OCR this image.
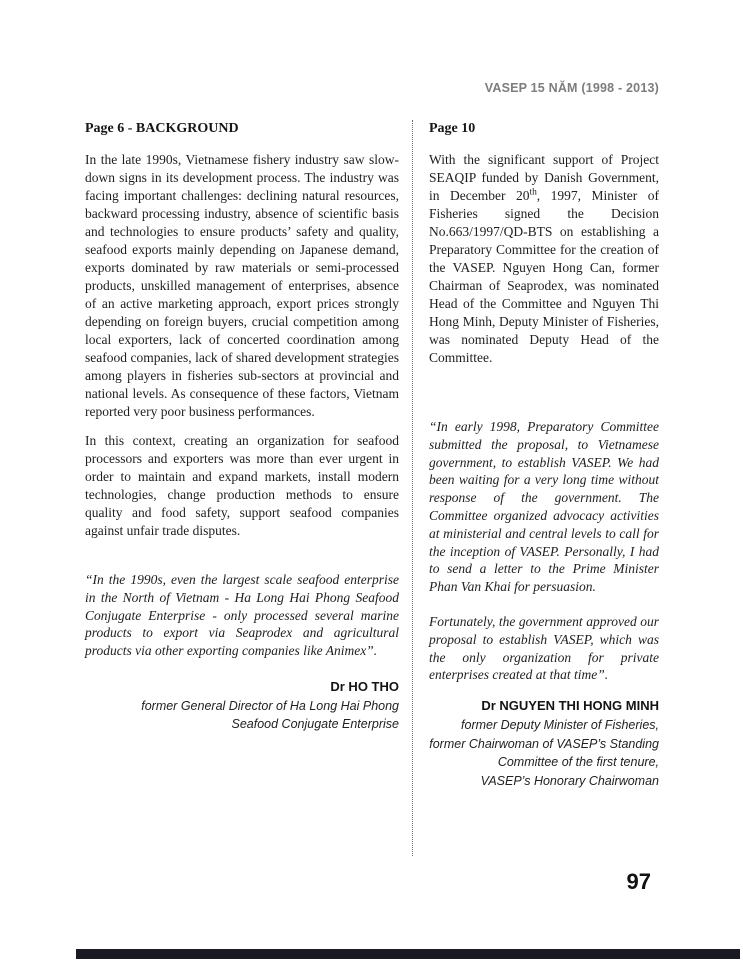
VASEP 15 NĂM (1998 - 2013)
Page 6 - BACKGROUND

In the late 1990s, Vietnamese fishery industry saw slow-down signs in its development process. The industry was facing important challenges: declining natural resources, backward processing industry, absence of scientific basis and technologies to ensure products’ safety and quality, seafood exports mainly depending on Japanese demand, exports dominated by raw materials or semi-processed products, unskilled management of enterprises, absence of an active marketing approach, export prices strongly depending on foreign buyers, crucial competition among local exporters, lack of concerted coordination among seafood companies, lack of shared development strategies among players in fisheries sub-sectors at provincial and national levels. As consequence of these factors, Vietnam reported very poor business performances.

In this context, creating an organization for seafood processors and exporters was more than ever urgent in order to maintain and expand markets, install modern technologies, change production methods to ensure quality and food safety, support seafood companies against unfair trade disputes.

“In the 1990s, even the largest scale seafood enterprise in the North of Vietnam - Ha Long Hai Phong Seafood Conjugate Enterprise - only processed several marine products to export via Seaprodex and agricultural products via other exporting companies like Animex”.

Dr HO THO
former General Director of Ha Long Hai Phong
Seafood Conjugate Enterprise
Page 10

With the significant support of Project SEAQIP funded by Danish Government, in December 20th, 1997, Minister of Fisheries signed the Decision No.663/1997/QD-BTS on establishing a Preparatory Committee for the creation of the VASEP. Nguyen Hong Can, former Chairman of Seaprodex, was nominated Head of the Committee and Nguyen Thi Hong Minh, Deputy Minister of Fisheries, was nominated Deputy Head of the Committee.

“In early 1998, Preparatory Committee submitted the proposal, to Vietnamese government, to establish VASEP. We had been waiting for a very long time without response of the government. The Committee organized advocacy activities at ministerial and central levels to call for the inception of VASEP. Personally, I had to send a letter to the Prime Minister Phan Van Khai for persuasion.

Fortunately, the government approved our proposal to establish VASEP, which was the only organization for private enterprises created at that time”.

Dr NGUYEN THI HONG MINH
former Deputy Minister of Fisheries,
former Chairwoman of VASEP’s Standing
Committee of the first tenure,
VASEP’s Honorary Chairwoman
97
